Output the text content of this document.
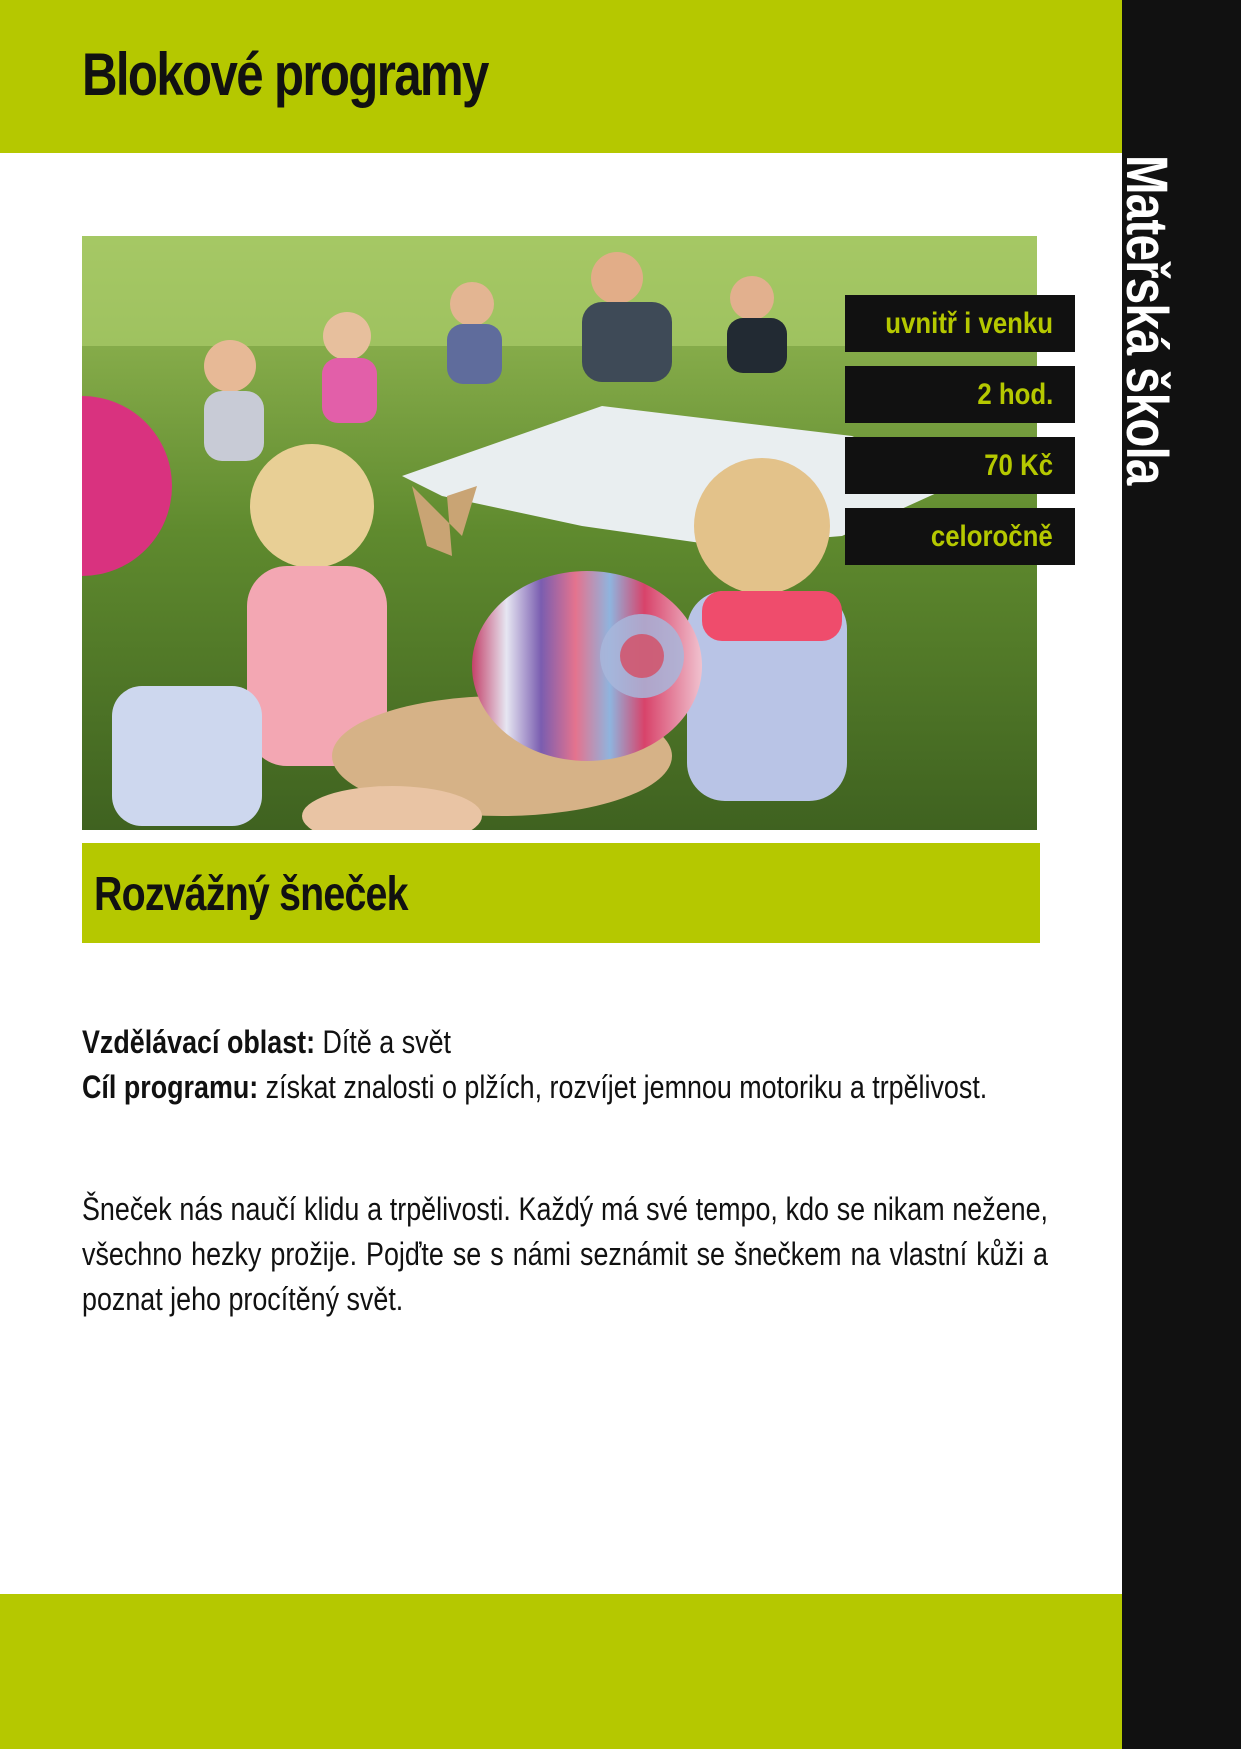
Blokové programy
Mateřská škola
uvnitř i venku
2 hod.
70 Kč
celoročně
Rozvážný šneček
Vzdělávací oblast: Dítě a svět
Cíl programu: získat znalosti o plžích, rozvíjet jemnou motoriku a trpělivost.

Šneček nás naučí klidu a trpělivosti. Každý má své tempo, kdo se nikam nežene, všechno hezky prožije. Pojďte se s námi seznámit se šnečkem na vlastní kůži a poznat jeho procítěný svět.
